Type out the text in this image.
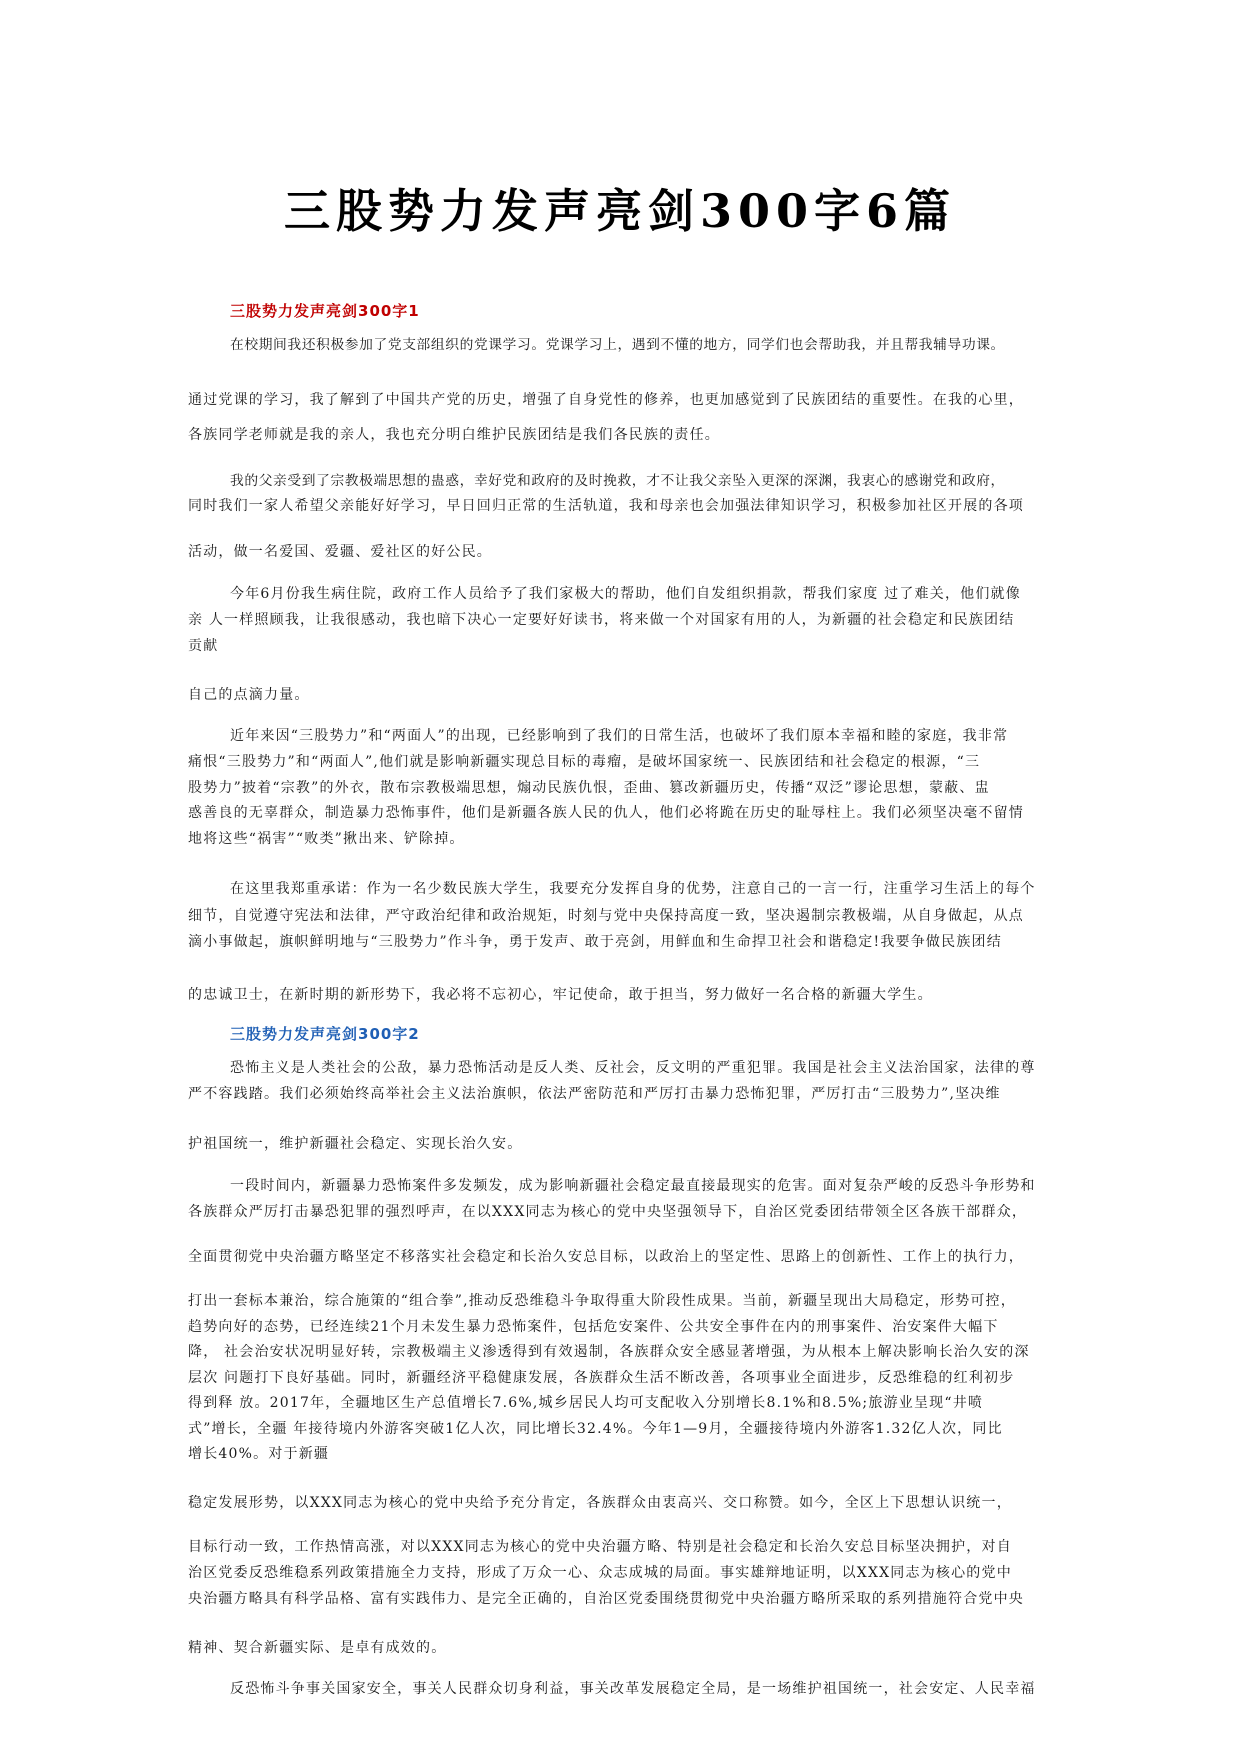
三股势力发声亮剑300字6篇
三股势力发声亮剑300字1
三股势力发声亮剑300字2

在校期间我还积极参加了党支部组织的党课学习。党课学习上，遇到不懂的地方，同学们也会帮助我，并且帮我辅导功课。

通过党课的学习，我了解到了中国共产党的历史，增强了自身党性的修养，也更加感觉到了民族团结的重要性。在我的心里，

各族同学老师就是我的亲人，我也充分明白维护民族团结是我们各民族的责任。

我的父亲受到了宗教极端思想的蛊惑，幸好党和政府的及时挽救，才不让我父亲坠入更深的深渊，我衷心的感谢党和政府，

同时我们一家人希望父亲能好好学习，早日回归正常的生活轨道，我和母亲也会加强法律知识学习，积极参加社区开展的各项

活动，做一名爱国、爱疆、爱社区的好公民。

今年6月份我生病住院，政府工作人员给予了我们家极大的帮助，他们自发组织捐款，帮我们家度 过了难关，他们就像

亲 人一样照顾我，让我很感动，我也暗下决心一定要好好读书，将来做一个对国家有用的人，为新疆的社会稳定和民族团结

贡献

自己的点滴力量。

近年来因“三股势力”和“两面人”的出现，已经影响到了我们的日常生活，也破坏了我们原本幸福和睦的家庭，我非常

痛恨“三股势力”和“两面人”,他们就是影响新疆实现总目标的毒瘤，是破坏国家统一、民族团结和社会稳定的根源，“三

股势力”披着“宗教”的外衣，散布宗教极端思想，煽动民族仇恨，歪曲、篡改新疆历史，传播“双泛”谬论思想，蒙蔽、盅

惑善良的无辜群众，制造暴力恐怖事件，他们是新疆各族人民的仇人，他们必将跪在历史的耻辱柱上。我们必须坚决毫不留情

地将这些“祸害”“败类”揪出来、铲除掉。

在这里我郑重承诺：作为一名少数民族大学生，我要充分发挥自身的优势，注意自己的一言一行，注重学习生活上的每个

细节，自觉遵守宪法和法律，严守政治纪律和政治规矩，时刻与党中央保持高度一致，坚决遏制宗教极端，从自身做起，从点

滴小事做起，旗帜鲜明地与“三股势力”作斗争，勇于发声、敢于亮剑，用鲜血和生命捍卫社会和谐稳定!我要争做民族团结

的忠诚卫士，在新时期的新形势下，我必将不忘初心，牢记使命，敢于担当，努力做好一名合格的新疆大学生。

恐怖主义是人类社会的公敌，暴力恐怖活动是反人类、反社会，反文明的严重犯罪。我国是社会主义法治国家，法律的尊

严不容践踏。我们必须始终高举社会主义法治旗帜，依法严密防范和严厉打击暴力恐怖犯罪，严厉打击“三股势力”,坚决维

护祖国统一，维护新疆社会稳定、实现长治久安。

一段时间内，新疆暴力恐怖案件多发频发，成为影响新疆社会稳定最直接最现实的危害。面对复杂严峻的反恐斗争形势和

各族群众严厉打击暴恐犯罪的强烈呼声，在以XXX同志为核心的党中央坚强领导下，自治区党委团结带领全区各族干部群众，

全面贯彻党中央治疆方略坚定不移落实社会稳定和长治久安总目标，以政治上的坚定性、思路上的创新性、工作上的执行力，

打出一套标本兼治，综合施策的“组合拳”,推动反恐维稳斗争取得重大阶段性成果。当前，新疆呈现出大局稳定，形势可控，

趋势向好的态势，已经连续21个月未发生暴力恐怖案件，包括危安案件、公共安全事件在内的刑事案件、治安案件大幅下

降， 社会治安状况明显好转，宗教极端主义渗透得到有效遏制，各族群众安全感显著增强，为从根本上解决影响长治久安的深

层次 问题打下良好基础。同时，新疆经济平稳健康发展，各族群众生活不断改善，各项事业全面进步，反恐维稳的红利初步

得到释 放。2017年，全疆地区生产总值增长7.6%,城乡居民人均可支配收入分别增长8.1%和8.5%;旅游业呈现“井喷

式”增长，全疆 年接待境内外游客突破1亿人次，同比增长32.4%。今年1—9月，全疆接待境内外游客1.32亿人次，同比

增长40%。对于新疆

稳定发展形势，以XXX同志为核心的党中央给予充分肯定，各族群众由衷高兴、交口称赞。如今，全区上下思想认识统一，

目标行动一致，工作热情高涨，对以XXX同志为核心的党中央治疆方略、特别是社会稳定和长治久安总目标坚决拥护，对自

治区党委反恐维稳系列政策措施全力支持，形成了万众一心、众志成城的局面。事实雄辩地证明，以XXX同志为核心的党中

央治疆方略具有科学品格、富有实践伟力、是完全正确的，自治区党委围绕贯彻党中央治疆方略所采取的系列措施符合党中央

精神、契合新疆实际、是卓有成效的。

反恐怖斗争事关国家安全，事关人民群众切身利益，事关改革发展稳定全局，是一场维护祖国统一，社会安定、人民幸福
